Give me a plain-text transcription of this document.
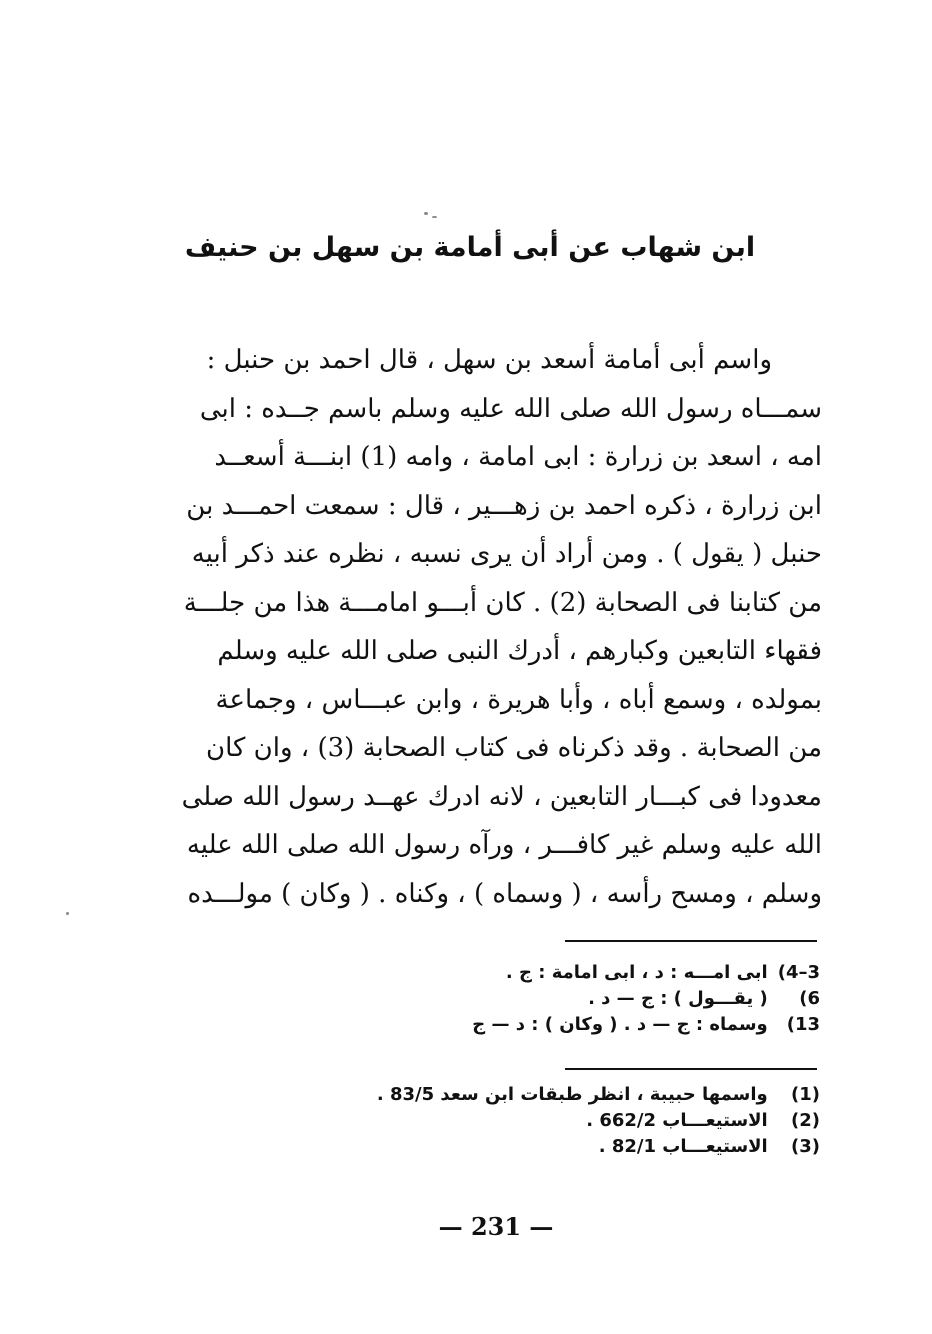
ابن شهاب عن أبى أمامة بن سهل بن حنيف
واسم أبى أمامة أسعد بن سهل ، قال احمد بن حنبل :
سمـــاه رسول الله صلى الله عليه وسلم باسم جــده : ابى
امه ، اسعد بن زرارة : ابى امامة ، وامه (1) ابنـــة أسعــد
ابن زرارة ، ذكره احمد بن زهـــير ، قال : سمعت احمـــد بن
حنبل ( يقول ) . ومن أراد أن يرى نسبه ، نظره عند ذكر أبيه
من كتابنا فى الصحابة (2) . كان أبـــو امامـــة هذا من جلـــة
فقهاء التابعين وكبارهم ، أدرك النبى صلى الله عليه وسلم
بمولده ، وسمع أباه ، وأبا هريرة ، وابن عبـــاس ، وجماعة
من الصحابة . وقد ذكرناه فى كتاب الصحابة (3) ، وان كان
معدودا فى كبـــار التابعين ، لانه ادرك عهــد رسول الله صلى
الله عليه وسلم غير كافـــر ، ورآه رسول الله صلى الله عليه
وسلم ، ومسح رأسه ، ( وسماه ) ، وكناه . ( وكان ) مولـــده
3–4) ابى امـــه : د ، ابى امامة : ج .
6) ( يقـــول ) : ج — د .
13) وسماه : ج — د . ( وكان ) : د — ج
(1) واسمها حبيبة ، انظر طبقات ابن سعد 83/5 .
(2) الاستيعـــاب 662/2 .
(3) الاستيعـــاب 82/1 .
— 231 —
